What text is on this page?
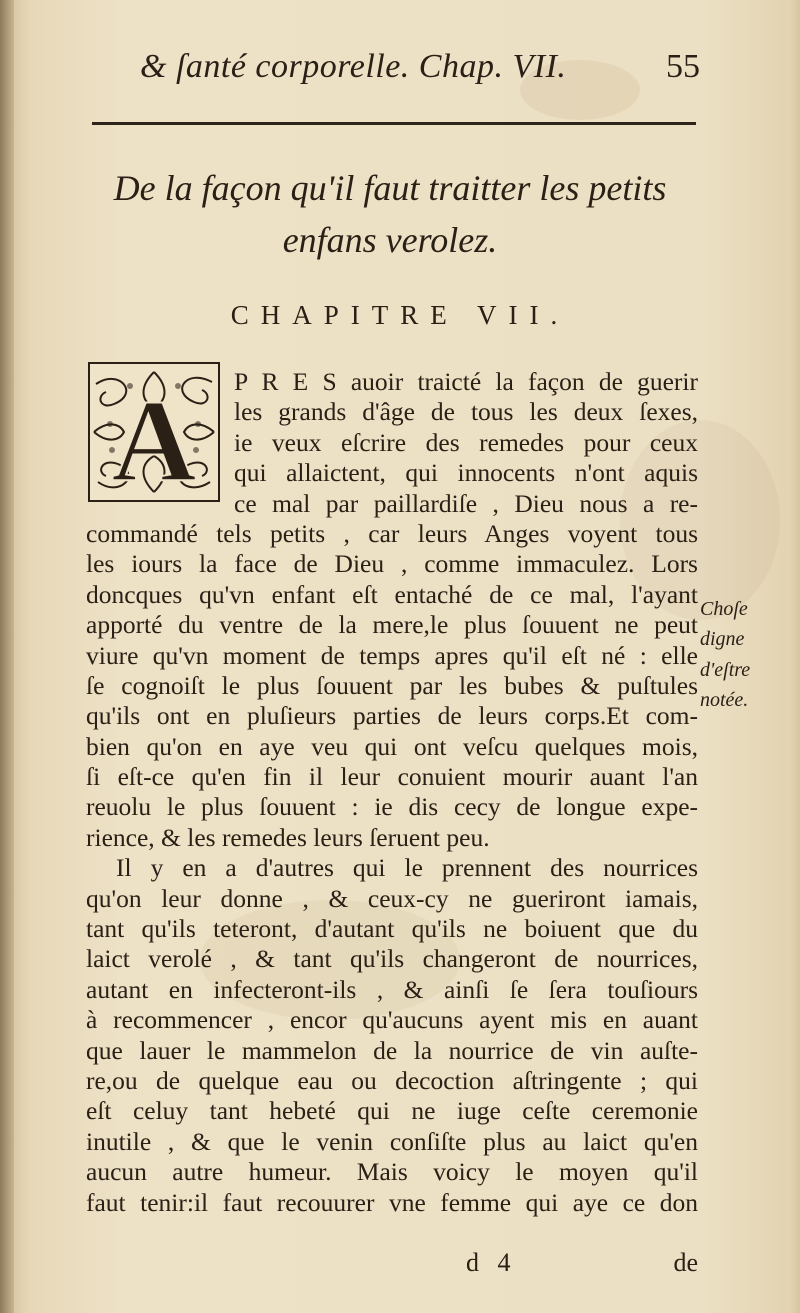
& ſanté corporelle. Chap. VII.	55
De la façon qu'il faut traitter les petits
enfans verolez.
CHAPITRE VII.
A P R E S auoir traicté la façon de guerir
les grands d'âge de tous les deux ſexes,
ie veux eſcrire des remedes pour ceux
qui allaictent, qui innocents n'ont aquis
ce mal par paillardiſe , Dieu nous a re-
commandé tels petits , car leurs Anges voyent tous
les iours la face de Dieu , comme immaculez. Lors
doncques qu'vn enfant eſt entaché de ce mal, l'ayant
apporté du ventre de la mere,le plus ſouuent ne peut
viure qu'vn moment de temps apres qu'il eſt né : elle
ſe cognoiſt le plus ſouuent par les bubes & puſtules
qu'ils ont en pluſieurs parties de leurs corps.Et com-
bien qu'on en aye veu qui ont veſcu quelques mois,
ſi eſt-ce qu'en fin il leur conuient mourir auant l'an
reuolu le plus ſouuent : ie dis cecy de longue expe-
rience, & les remedes leurs ſeruent peu.
Il y en a d'autres qui le prennent des nourrices
qu'on leur donne , & ceux-cy ne gueriront iamais,
tant qu'ils teteront, d'autant qu'ils ne boiuent que du
laict verolé , & tant qu'ils changeront de nourrices,
autant en infecteront-ils , & ainſi ſe ſera touſiours
à recommencer , encor qu'aucuns ayent mis en auant
que lauer le mammelon de la nourrice de vin auſte-
re,ou de quelque eau ou decoction aſtringente ; qui
eſt celuy tant hebeté qui ne iuge ceſte ceremonie
inutile , & que le venin conſiſte plus au laict qu'en
aucun autre humeur. Mais voicy le moyen qu'il
faut tenir:il faut recouurer vne femme qui aye ce don
Choſe
digne
d'eſtre
notée.
d 4	de
